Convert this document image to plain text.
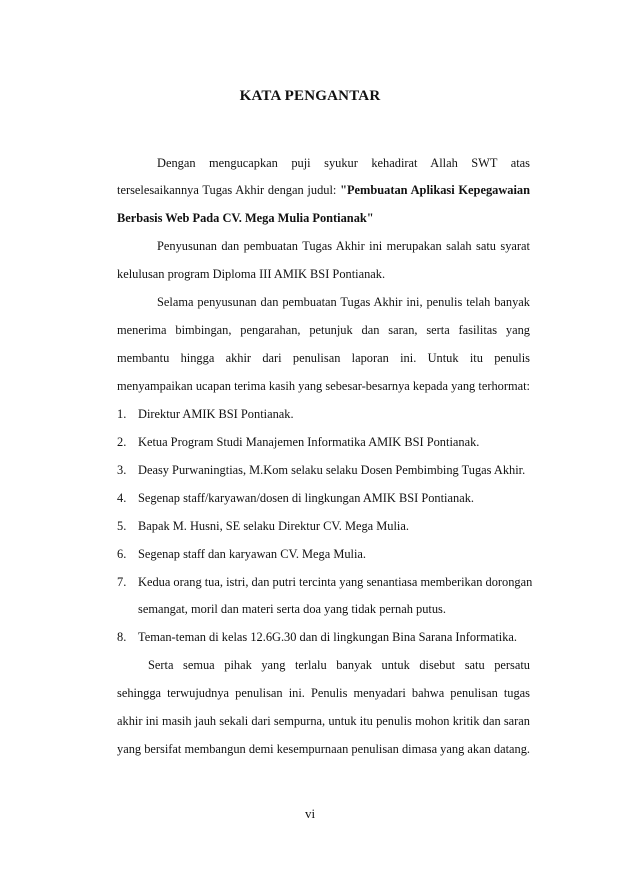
KATA PENGANTAR
Dengan mengucapkan puji syukur kehadirat Allah SWT atas
terselesaikannya Tugas Akhir dengan judul: "Pembuatan Aplikasi Kepegawaian
Berbasis Web Pada CV. Mega Mulia Pontianak"
Penyusunan dan pembuatan Tugas Akhir ini merupakan salah satu syarat
kelulusan program Diploma III AMIK BSI Pontianak.
Selama penyusunan dan pembuatan Tugas Akhir ini, penulis telah banyak
menerima bimbingan, pengarahan, petunjuk dan saran, serta fasilitas yang
membantu hingga akhir dari penulisan laporan ini. Untuk itu penulis
menyampaikan ucapan terima kasih yang sebesar-besarnya kepada yang terhormat:
1. Direktur AMIK BSI Pontianak.
2. Ketua Program Studi Manajemen Informatika AMIK BSI Pontianak.
3. Deasy Purwaningtias, M.Kom selaku selaku Dosen Pembimbing Tugas Akhir.
4. Segenap staff/karyawan/dosen di lingkungan AMIK BSI Pontianak.
5. Bapak M. Husni, SE selaku Direktur CV. Mega Mulia.
6. Segenap staff dan karyawan CV. Mega Mulia.
7. Kedua orang tua, istri, dan putri tercinta yang senantiasa memberikan dorongan
semangat, moril dan materi serta doa yang tidak pernah putus.
8. Teman-teman di kelas 12.6G.30 dan di lingkungan Bina Sarana Informatika.
Serta semua pihak yang terlalu banyak untuk disebut satu persatu
sehingga terwujudnya penulisan ini. Penulis menyadari bahwa penulisan tugas
akhir ini masih jauh sekali dari sempurna, untuk itu penulis mohon kritik dan saran
yang bersifat membangun demi kesempurnaan penulisan dimasa yang akan datang.
vi
